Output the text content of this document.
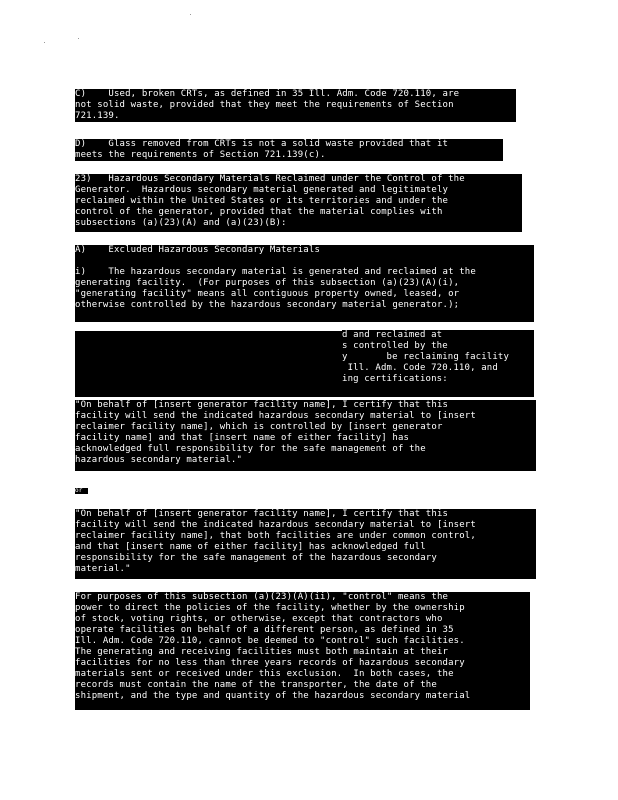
C)    Used, broken CRTs, as defined in 35 Ill. Adm. Code 720.110, are
not solid waste, provided that they meet the requirements of Section
721.139.
D)    Glass removed from CRTs is not a solid waste provided that it
meets the requirements of Section 721.139(c).
23)   Hazardous Secondary Materials Reclaimed under the Control of the
Generator.  Hazardous secondary material generated and legitimately
reclaimed within the United States or its territories and under the
control of the generator, provided that the material complies with
subsections (a)(23)(A) and (a)(23)(B):
A)    Excluded Hazardous Secondary Materials

i)    The hazardous secondary material is generated and reclaimed at the
generating facility.  (For purposes of this subsection (a)(23)(A)(i),
"generating facility" means all contiguous property owned, leased, or
otherwise controlled by the hazardous secondary material generator.);
d and reclaimed at
s controlled by the
y       be reclaiming facility
Ill. Adm. Code 720.110, and
ing certifications:
"On behalf of [insert generator facility name], I certify that this
facility will send the indicated hazardous secondary material to [insert
reclaimer facility name], which is controlled by [insert generator
facility name] and that [insert name of either facility] has
acknowledged full responsibility for the safe management of the
hazardous secondary material."
or
"On behalf of [insert generator facility name], I certify that this
facility will send the indicated hazardous secondary material to [insert
reclaimer facility name], that both facilities are under common control,
and that [insert name of either facility] has acknowledged full
responsibility for the safe management of the hazardous secondary
material."
For purposes of this subsection (a)(23)(A)(ii), "control" means the
power to direct the policies of the facility, whether by the ownership
of stock, voting rights, or otherwise, except that contractors who
operate facilities on behalf of a different person, as defined in 35
Ill. Adm. Code 720.110, cannot be deemed to "control" such facilities.
The generating and receiving facilities must both maintain at their
facilities for no less than three years records of hazardous secondary
materials sent or received under this exclusion.  In both cases, the
records must contain the name of the transporter, the date of the
shipment, and the type and quantity of the hazardous secondary material
